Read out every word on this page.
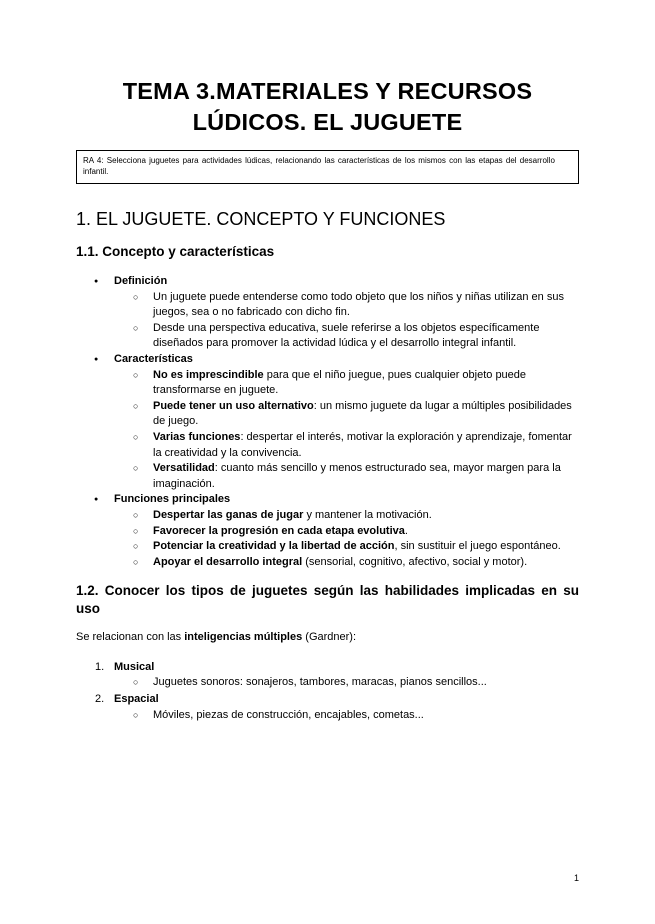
TEMA 3.MATERIALES Y RECURSOS
LÚDICOS. EL JUGUETE
RA 4: Selecciona juguetes para actividades lúdicas, relacionando las características de los mismos con las etapas del desarrollo infantil.
1. EL JUGUETE. CONCEPTO Y FUNCIONES
1.1. Concepto y características
● Definición
○ Un juguete puede entenderse como todo objeto que los niños y niñas utilizan en sus juegos, sea o no fabricado con dicho fin.
○ Desde una perspectiva educativa, suele referirse a los objetos específicamente diseñados para promover la actividad lúdica y el desarrollo integral infantil.
● Características
○ No es imprescindible para que el niño juegue, pues cualquier objeto puede transformarse en juguete.
○ Puede tener un uso alternativo: un mismo juguete da lugar a múltiples posibilidades de juego.
○ Varias funciones: despertar el interés, motivar la exploración y aprendizaje, fomentar la creatividad y la convivencia.
○ Versatilidad: cuanto más sencillo y menos estructurado sea, mayor margen para la imaginación.
● Funciones principales
○ Despertar las ganas de jugar y mantener la motivación.
○ Favorecer la progresión en cada etapa evolutiva.
○ Potenciar la creatividad y la libertad de acción, sin sustituir el juego espontáneo.
○ Apoyar el desarrollo integral (sensorial, cognitivo, afectivo, social y motor).
1.2. Conocer los tipos de juguetes según las habilidades implicadas en su uso

Se relacionan con las inteligencias múltiples (Gardner):

1. Musical
○ Juguetes sonoros: sonajeros, tambores, maracas, pianos sencillos...
2. Espacial
○ Móviles, piezas de construcción, encajables, cometas...
1
